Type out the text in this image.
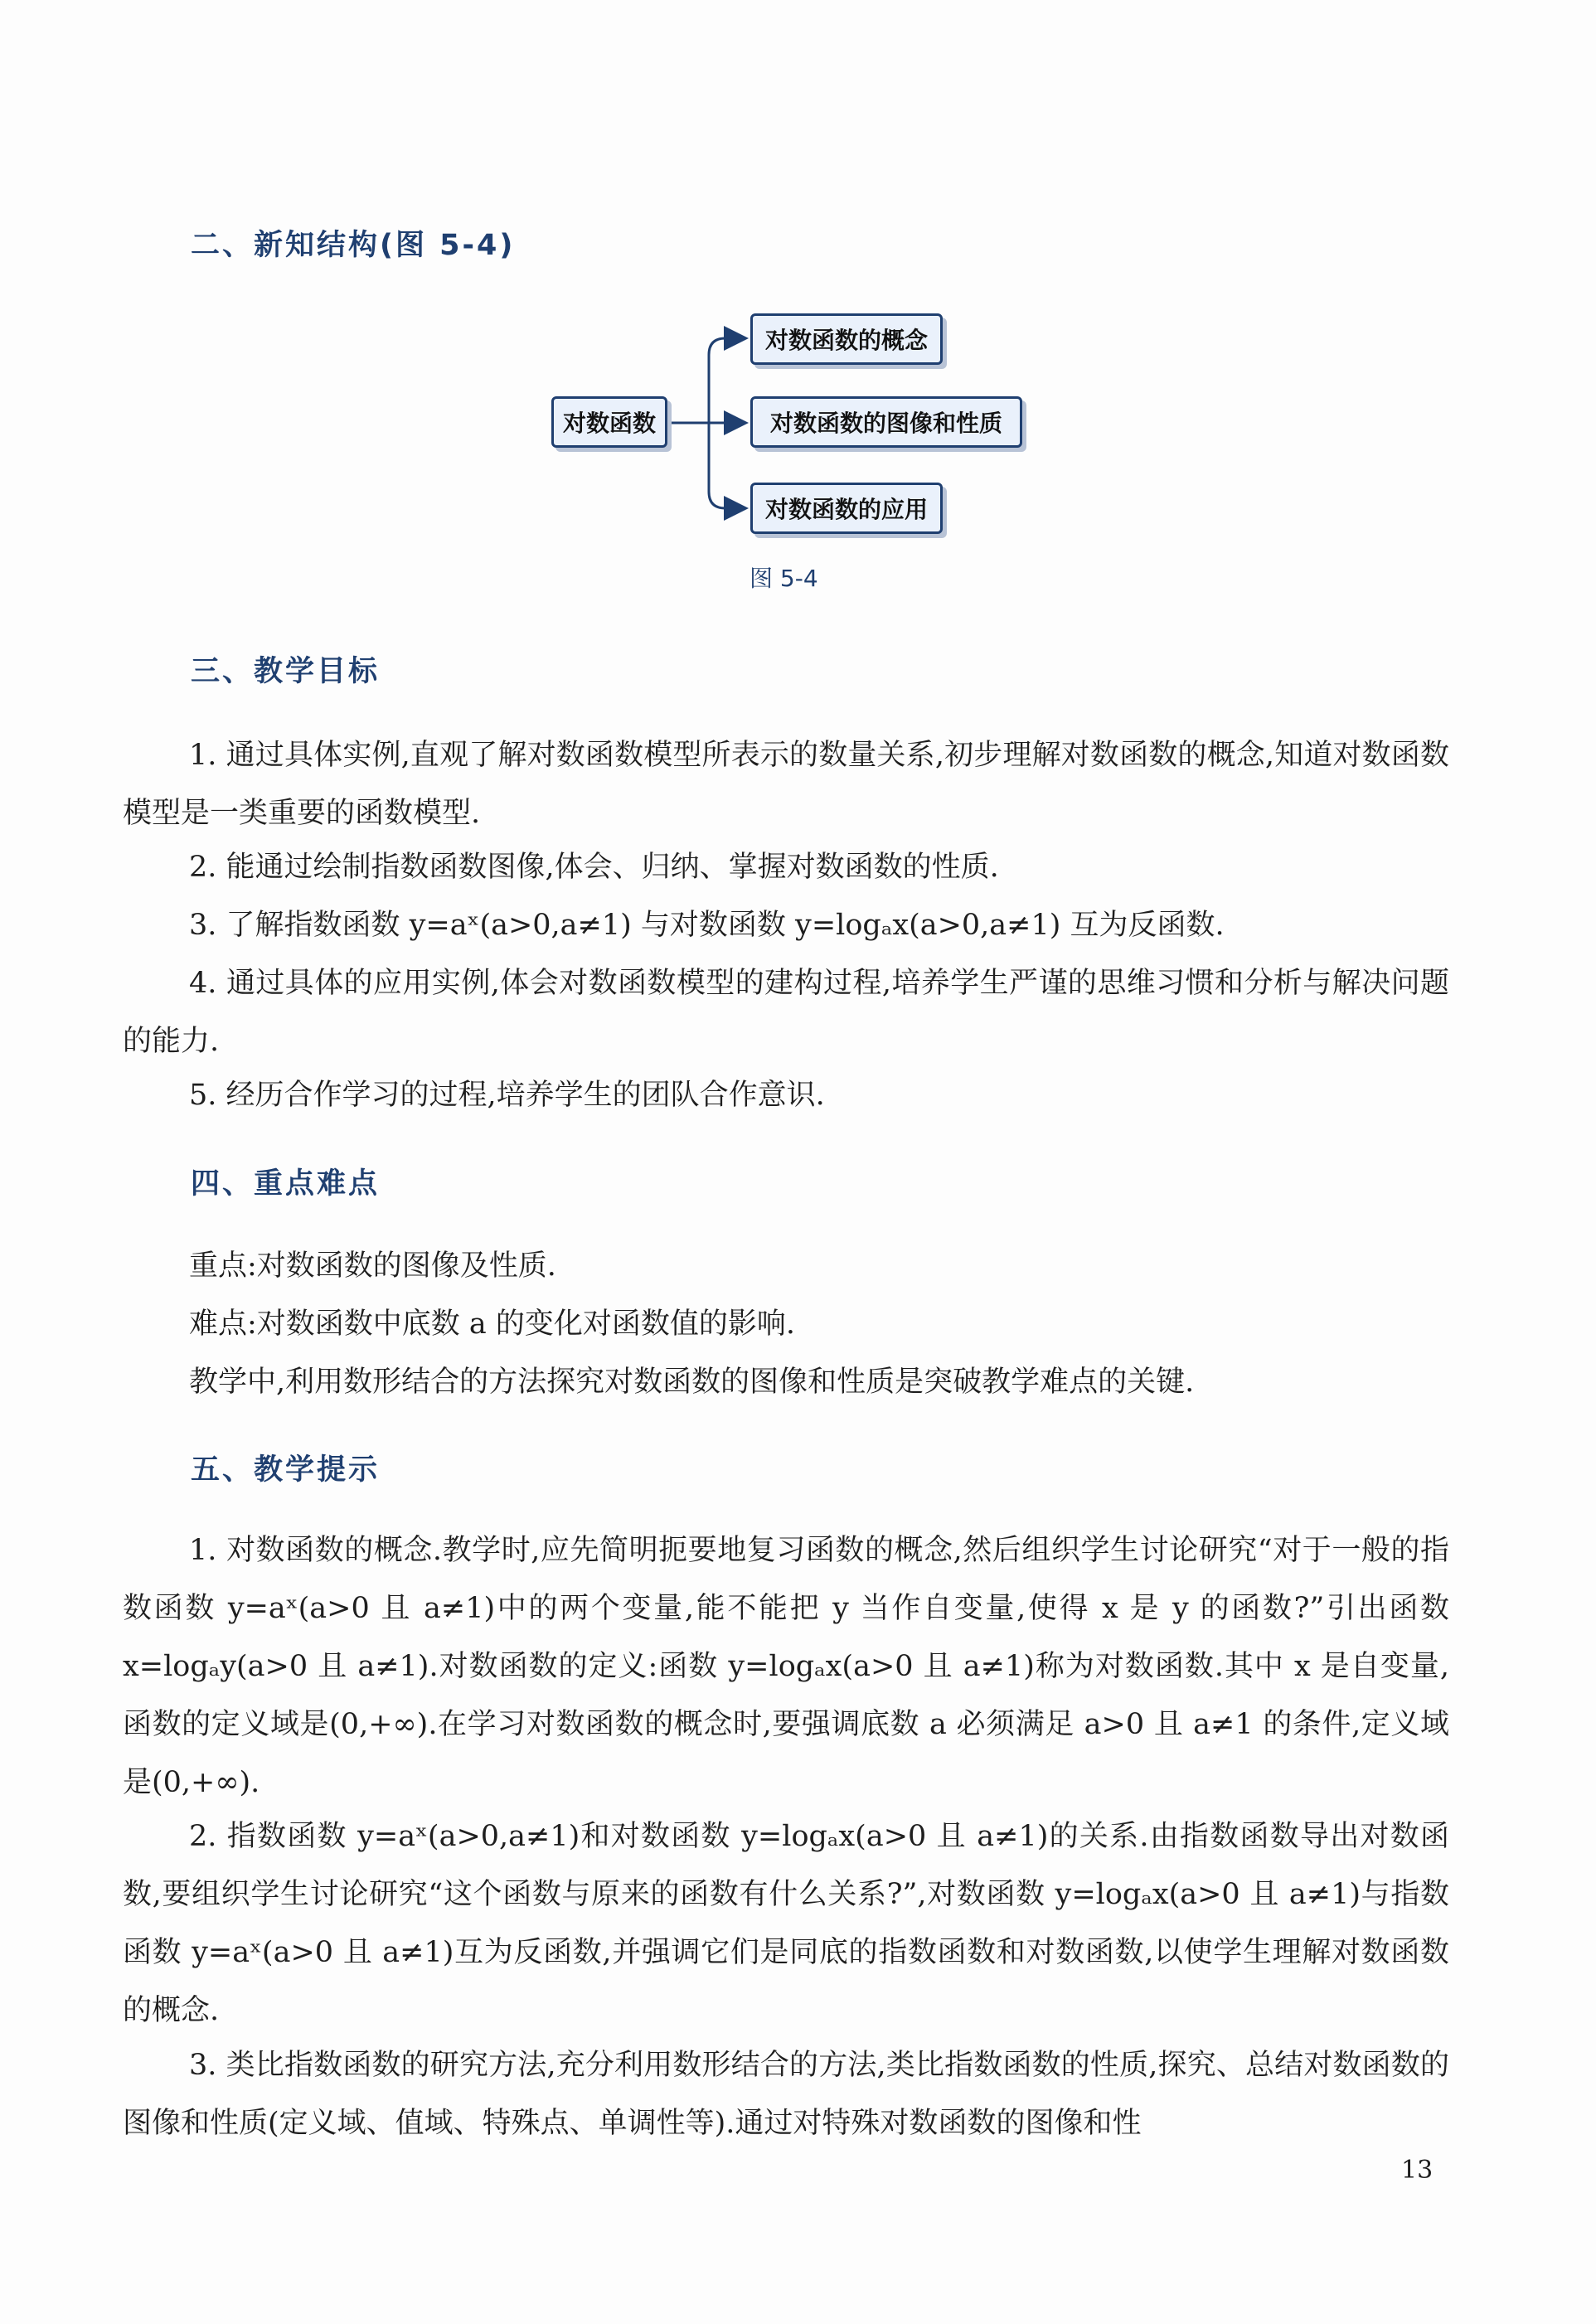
二、新知结构(图 5-4)
对数函数
对数函数的概念
对数函数的图像和性质
对数函数的应用
图 5-4
三、教学目标

1. 通过具体实例,直观了解对数函数模型所表示的数量关系,初步理解对数函数的概念,知道对数函数模型是一类重要的函数模型.

2. 能通过绘制指数函数图像,体会、归纳、掌握对数函数的性质.

3. 了解指数函数 y=aˣ(a>0,a≠1) 与对数函数 y=logₐx(a>0,a≠1) 互为反函数.

4. 通过具体的应用实例,体会对数函数模型的建构过程,培养学生严谨的思维习惯和分析与解决问题的能力.

5. 经历合作学习的过程,培养学生的团队合作意识.

四、重点难点

重点:对数函数的图像及性质.

难点:对数函数中底数 a 的变化对函数值的影响.

教学中,利用数形结合的方法探究对数函数的图像和性质是突破教学难点的关键.

五、教学提示

1. 对数函数的概念.教学时,应先简明扼要地复习函数的概念,然后组织学生讨论研究“对于一般的指数函数 y=aˣ(a>0 且 a≠1)中的两个变量,能不能把 y 当作自变量,使得 x 是 y 的函数?”引出函数 x=logₐy(a>0 且 a≠1).对数函数的定义:函数 y=logₐx(a>0 且 a≠1)称为对数函数.其中 x 是自变量,函数的定义域是(0,+∞).在学习对数函数的概念时,要强调底数 a 必须满足 a>0 且 a≠1 的条件,定义域是(0,+∞).

2. 指数函数 y=aˣ(a>0,a≠1)和对数函数 y=logₐx(a>0 且 a≠1)的关系.由指数函数导出对数函数,要组织学生讨论研究“这个函数与原来的函数有什么关系?”,对数函数 y=logₐx(a>0 且 a≠1)与指数函数 y=aˣ(a>0 且 a≠1)互为反函数,并强调它们是同底的指数函数和对数函数,以使学生理解对数函数的概念.

3. 类比指数函数的研究方法,充分利用数形结合的方法,类比指数函数的性质,探究、总结对数函数的图像和性质(定义域、值域、特殊点、单调性等).通过对特殊对数函数的图像和性

13
